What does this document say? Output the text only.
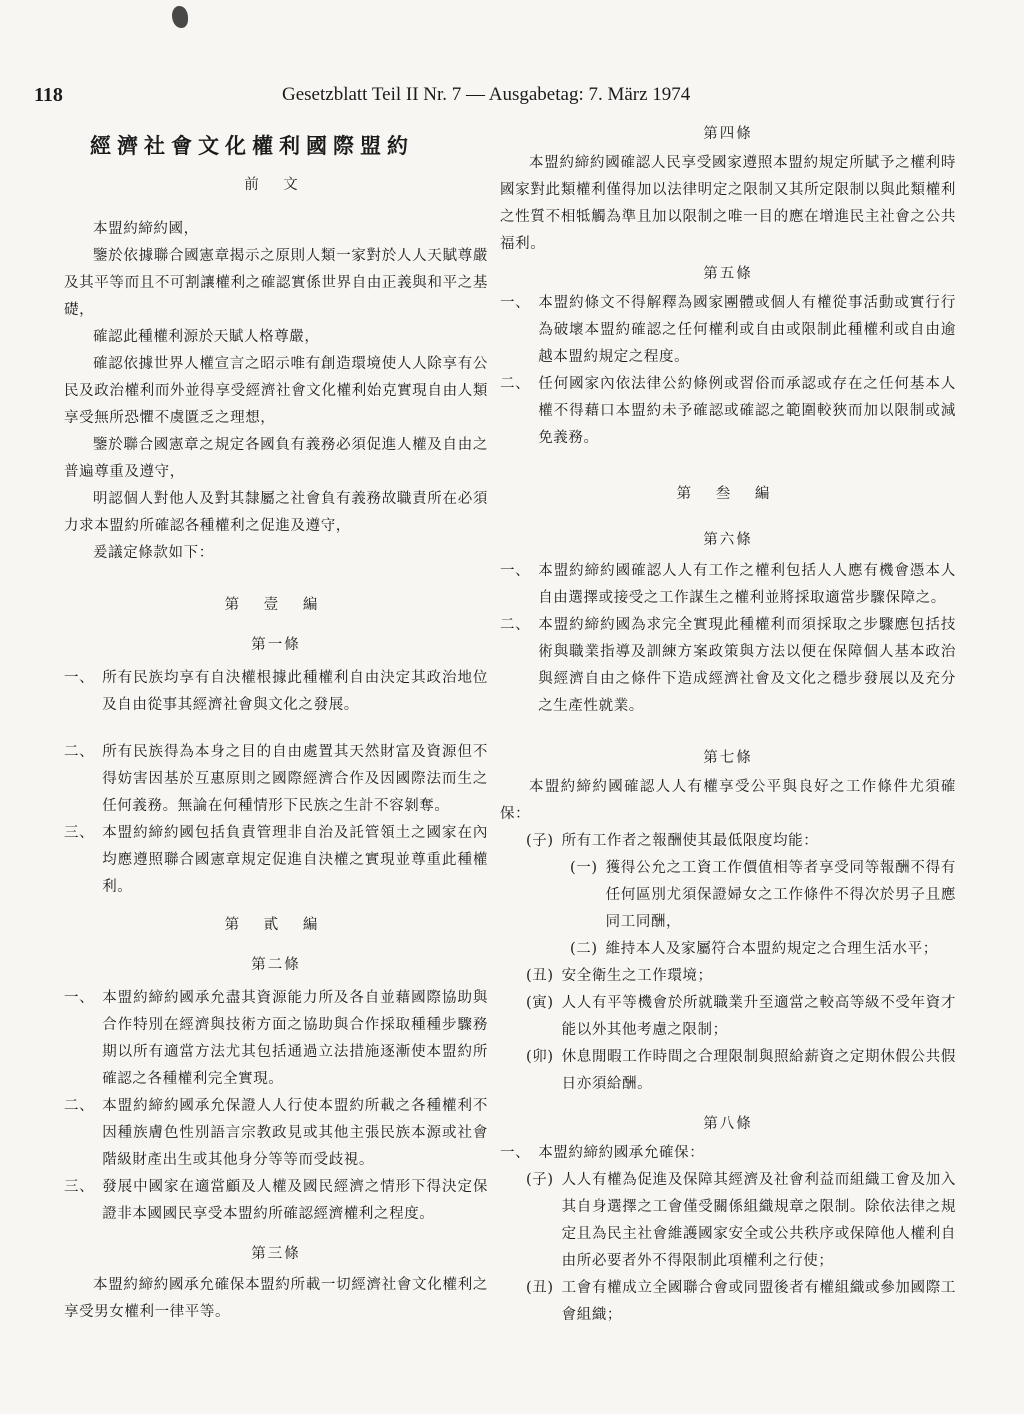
118	Gesetzblatt Teil II Nr. 7 — Ausgabetag: 7. März 1974
經濟社會文化權利國際盟約
前 文
本盟約締約國，
鑒於依據聯合國憲章揭示之原則人類一家對於人人天賦尊嚴及其平等而且不可割讓權利之確認實係世界自由正義與和平之基礎，
確認此種權利源於天賦人格尊嚴，
確認依據世界人權宣言之昭示唯有創造環境使人人除享有公民及政治權利而外並得享受經濟社會文化權利始克實現自由人類享受無所恐懼不虞匱乏之理想，
鑒於聯合國憲章之規定各國負有義務必須促進人權及自由之普遍尊重及遵守，
明認個人對他人及對其隸屬之社會負有義務故職責所在必須力求本盟約所確認各種權利之促進及遵守，
爰議定條款如下：
第 壹 編
第一條
一、 所有民族均享有自決權根據此種權利自由決定其政治地位及自由從事其經濟社會與文化之發展。
二、 所有民族得為本身之目的自由處置其天然財富及資源但不得妨害因基於互惠原則之國際經濟合作及因國際法而生之任何義務。無論在何種情形下民族之生計不容剝奪。
三、 本盟約締約國包括負責管理非自治及託管領土之國家在內均應遵照聯合國憲章規定促進自決權之實現並尊重此種權利。
第 貳 編
第二條
一、 本盟約締約國承允盡其資源能力所及各自並藉國際協助與合作特別在經濟與技術方面之協助與合作採取種種步驟務期以所有適當方法尤其包括通過立法措施逐漸使本盟約所確認之各種權利完全實現。
二、 本盟約締約國承允保證人人行使本盟約所載之各種權利不因種族膚色性別語言宗教政見或其他主張民族本源或社會階級財產出生或其他身分等等而受歧視。
三、 發展中國家在適當顧及人權及國民經濟之情形下得決定保證非本國國民享受本盟約所確認經濟權利之程度。
第三條
本盟約締約國承允確保本盟約所載一切經濟社會文化權利之享受男女權利一律平等。
第四條
本盟約締約國確認人民享受國家遵照本盟約規定所賦予之權利時國家對此類權利僅得加以法律明定之限制又其所定限制以與此類權利之性質不相牴觸為準且加以限制之唯一目的應在增進民主社會之公共福利。
第五條
一、 本盟約條文不得解釋為國家團體或個人有權從事活動或實行行為破壞本盟約確認之任何權利或自由或限制此種權利或自由逾越本盟約規定之程度。
二、 任何國家內依法律公約條例或習俗而承認或存在之任何基本人權不得藉口本盟約未予確認或確認之範圍較狹而加以限制或減免義務。
第 叁 編
第六條
一、 本盟約締約國確認人人有工作之權利包括人人應有機會憑本人自由選擇或接受之工作謀生之權利並將採取適當步驟保障之。
二、 本盟約締約國為求完全實現此種權利而須採取之步驟應包括技術與職業指導及訓練方案政策與方法以便在保障個人基本政治與經濟自由之條件下造成經濟社會及文化之穩步發展以及充分之生產性就業。
第七條
本盟約締約國確認人人有權享受公平與良好之工作條件尤須確保：
(子) 所有工作者之報酬使其最低限度均能：
(一) 獲得公允之工資工作價值相等者享受同等報酬不得有任何區別尤須保證婦女之工作條件不得次於男子且應同工同酬，
(二) 維持本人及家屬符合本盟約規定之合理生活水平；
(丑) 安全衛生之工作環境；
(寅) 人人有平等機會於所就職業升至適當之較高等級不受年資才能以外其他考慮之限制；
(卯) 休息閒暇工作時間之合理限制與照給薪資之定期休假公共假日亦須給酬。
第八條
一、 本盟約締約國承允確保：
(子) 人人有權為促進及保障其經濟及社會利益而組織工會及加入其自身選擇之工會僅受關係組織規章之限制。除依法律之規定且為民主社會維護國家安全或公共秩序或保障他人權利自由所必要者外不得限制此項權利之行使；
(丑) 工會有權成立全國聯合會或同盟後者有權組織或參加國際工會組織；
